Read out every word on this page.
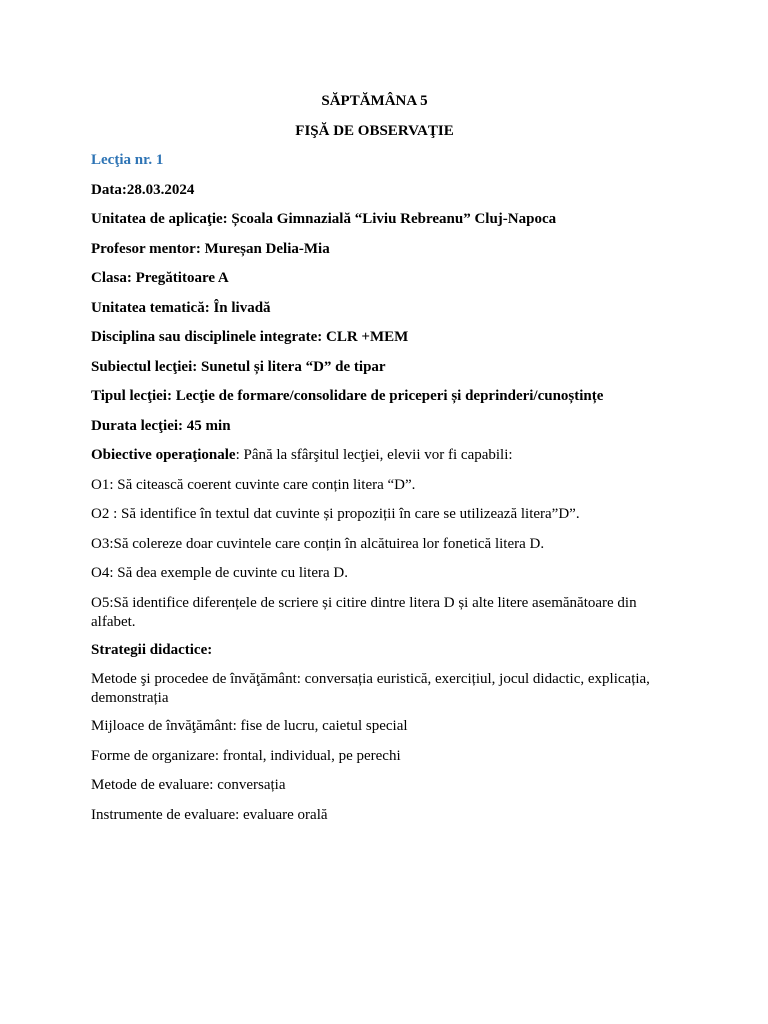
SĂPTĂMÂNA 5

FIŞĂ DE OBSERVAŢIE

Lecţia nr. 1

Data:28.03.2024

Unitatea de aplicaţie: Școala Gimnazială “Liviu Rebreanu” Cluj-Napoca

Profesor mentor: Mureșan Delia-Mia

Clasa: Pregătitoare A

Unitatea tematică: În livadă

Disciplina sau disciplinele integrate: CLR +MEM

Subiectul lecţiei: Sunetul și litera “D” de tipar

Tipul lecţiei: Lecţie de formare/consolidare de priceperi și deprinderi/cunoștințe

Durata lecţiei: 45 min

Obiective operaţionale: Până la sfârşitul lecţiei, elevii vor fi capabili:

O1: Să citească coerent cuvinte care conțin litera “D”.

O2 : Să identifice în textul dat cuvinte și propoziții în care se utilizează litera”D”.

O3:Să colereze doar cuvintele care conțin în alcătuirea lor fonetică litera D.

O4: Să dea exemple de cuvinte cu litera D.

O5:Să identifice diferențele de scriere și citire dintre litera D și alte litere asemănătoare din alfabet.

Strategii didactice:

Metode şi procedee de învăţământ: conversația euristică, exercițiul, jocul didactic, explicația, demonstrația

Mijloace de învăţământ: fise de lucru, caietul special

Forme de organizare: frontal, individual, pe perechi

Metode de evaluare: conversația

Instrumente de evaluare: evaluare orală
